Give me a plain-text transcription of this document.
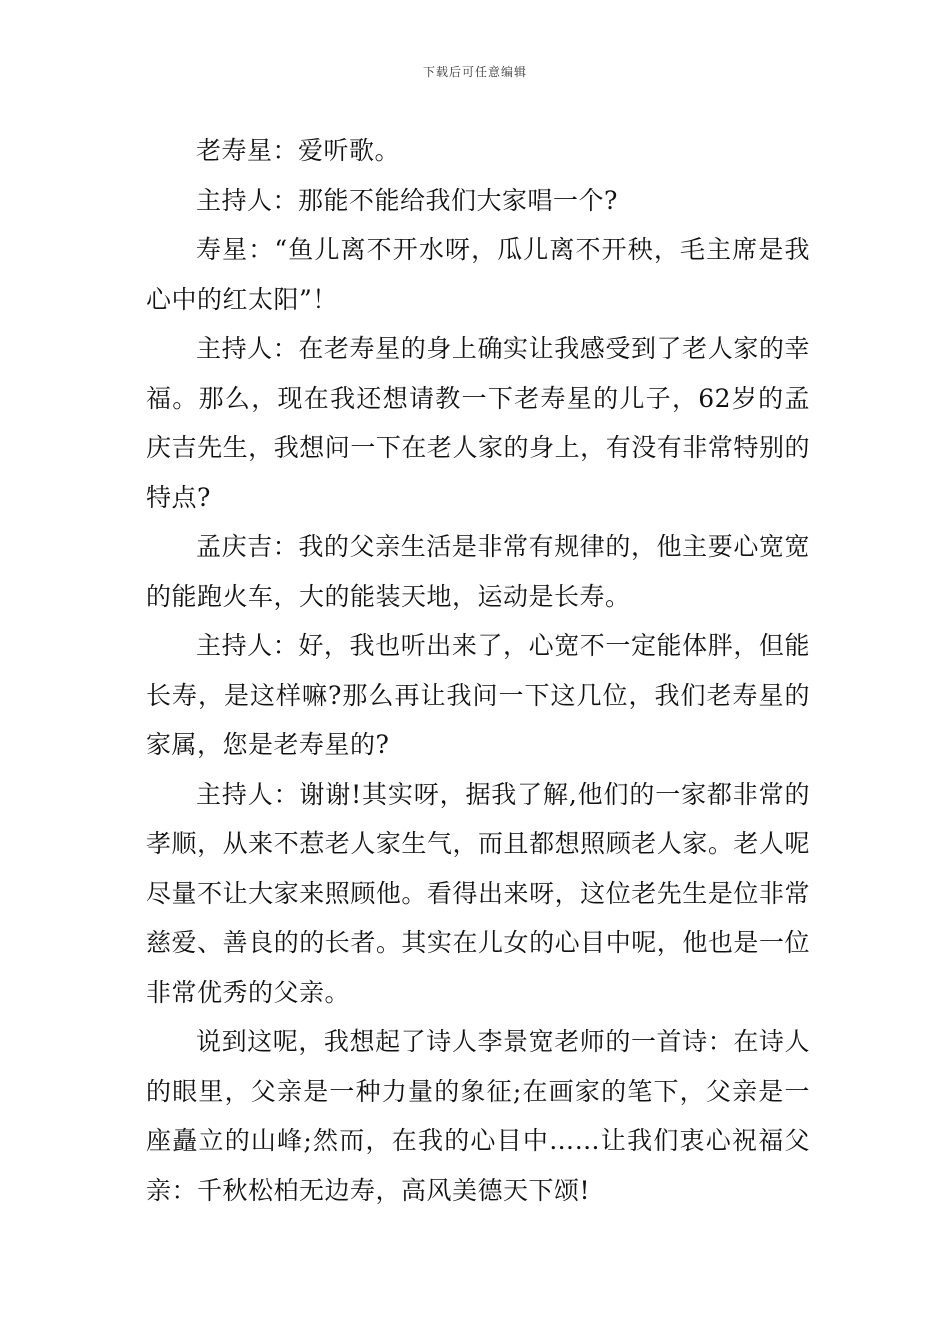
下载后可任意编辑

老寿星：爱听歌。

主持人：那能不能给我们大家唱一个?

寿星：“鱼儿离不开水呀，瓜儿离不开秧，毛主席是我心中的红太阳”！

主持人：在老寿星的身上确实让我感受到了老人家的幸福。那么，现在我还想请教一下老寿星的儿子，62岁的孟庆吉先生，我想问一下在老人家的身上，有没有非常特别的特点?

孟庆吉：我的父亲生活是非常有规律的，他主要心宽宽的能跑火车，大的能装天地，运动是长寿。

主持人：好，我也听出来了，心宽不一定能体胖，但能长寿，是这样嘛?那么再让我问一下这几位，我们老寿星的家属，您是老寿星的?

主持人：谢谢!其实呀，据我了解,他们的一家都非常的孝顺，从来不惹老人家生气，而且都想照顾老人家。老人呢尽量不让大家来照顾他。看得出来呀，这位老先生是位非常慈爱、善良的的长者。其实在儿女的心目中呢，他也是一位非常优秀的父亲。

说到这呢，我想起了诗人李景宽老师的一首诗：在诗人的眼里，父亲是一种力量的象征;在画家的笔下，父亲是一座矗立的山峰;然而，在我的心目中……让我们衷心祝福父亲：千秋松柏无边寿，高风美德天下颂!
